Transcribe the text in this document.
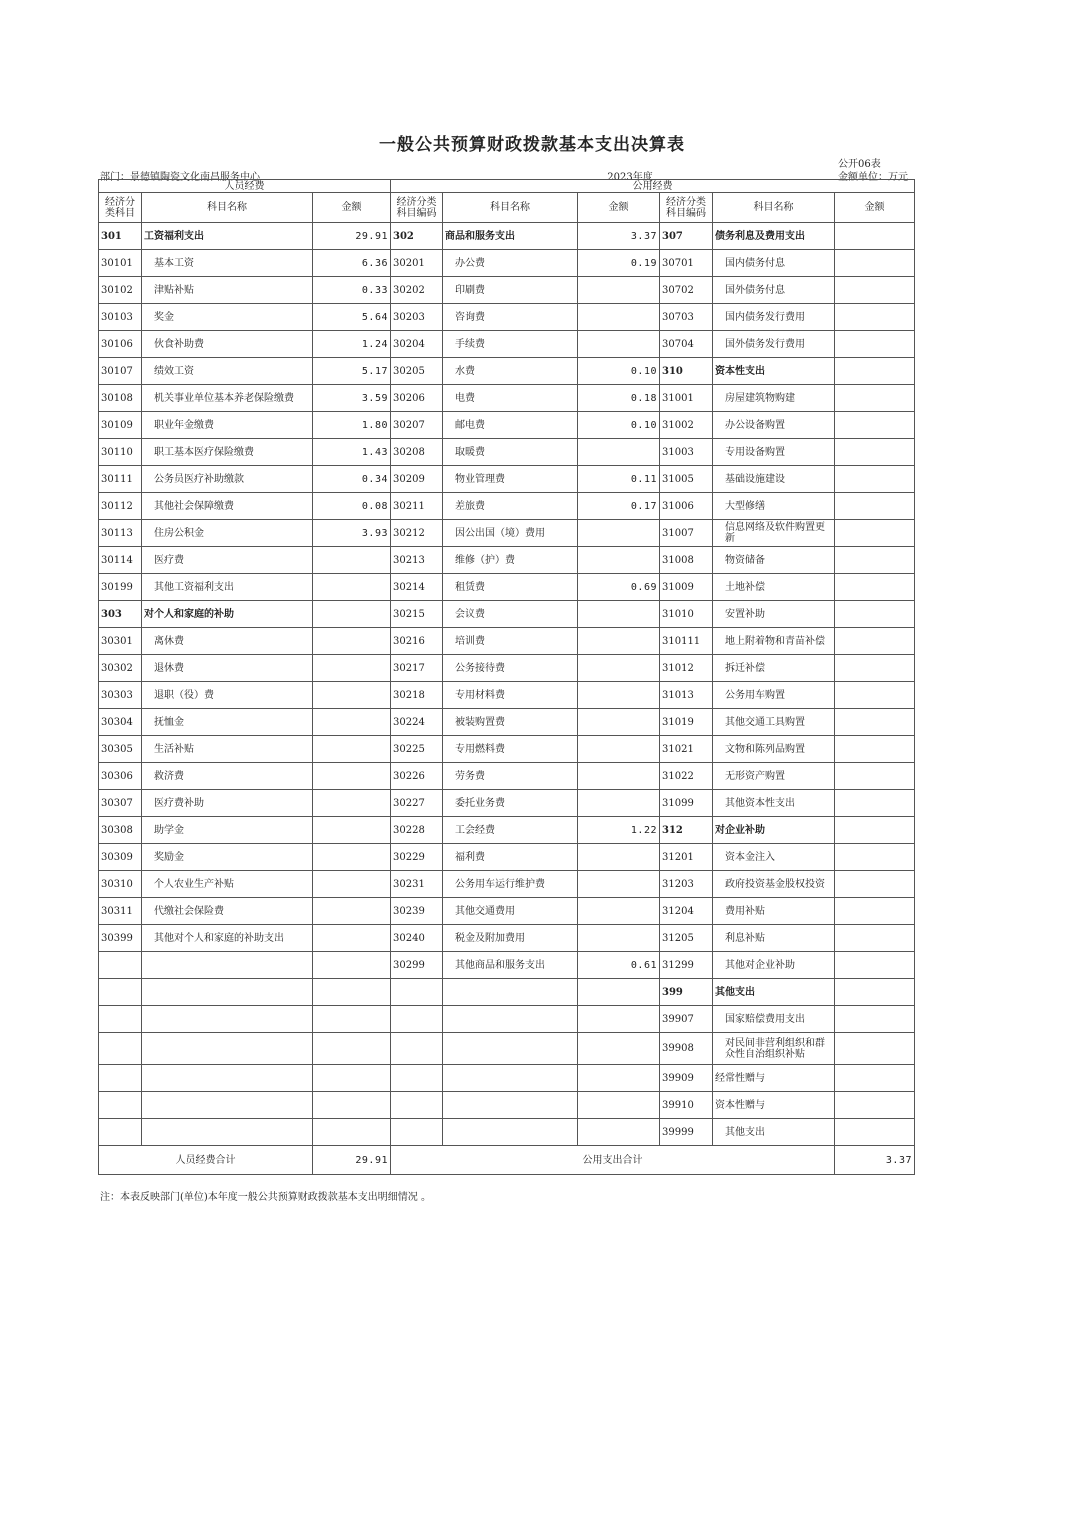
一般公共预算财政拨款基本支出决算表
公开06表
部门：景德镇陶瓷文化南昌服务中心	2023年度	金额单位：万元
人员经费			公用经费					
经济分类科目	科目名称	金额	经济分类科目编码	科目名称	金额	经济分类科目编码	科目名称	金额
301	工资福利支出	29.91	302	商品和服务支出	3.37	307	债务利息及费用支出	
30101	基本工资	6.36	30201	办公费	0.19	30701	国内债务付息	
30102	津贴补贴	0.33	30202	印刷费		30702	国外债务付息	
30103	奖金	5.64	30203	咨询费		30703	国内债务发行费用	
30106	伙食补助费	1.24	30204	手续费		30704	国外债务发行费用	
30107	绩效工资	5.17	30205	水费	0.10	310	资本性支出	
30108	机关事业单位基本养老保险缴费	3.59	30206	电费	0.18	31001	房屋建筑物购建	
30109	职业年金缴费	1.80	30207	邮电费	0.10	31002	办公设备购置	
30110	职工基本医疗保险缴费	1.43	30208	取暖费		31003	专用设备购置	
30111	公务员医疗补助缴款	0.34	30209	物业管理费	0.11	31005	基础设施建设	
30112	其他社会保障缴费	0.08	30211	差旅费	0.17	31006	大型修缮	
30113	住房公积金	3.93	30212	因公出国（境）费用		31007	信息网络及软件购置更新	
30114	医疗费		30213	维修（护）费		31008	物资储备	
30199	其他工资福利支出		30214	租赁费	0.69	31009	土地补偿	
303	对个人和家庭的补助		30215	会议费		31010	安置补助	
30301	离休费		30216	培训费		310111	地上附着物和青苗补偿	
30302	退休费		30217	公务接待费		31012	拆迁补偿	
30303	退职（役）费		30218	专用材料费		31013	公务用车购置	
30304	抚恤金		30224	被装购置费		31019	其他交通工具购置	
30305	生活补贴		30225	专用燃料费		31021	文物和陈列品购置	
30306	救济费		30226	劳务费		31022	无形资产购置	
30307	医疗费补助		30227	委托业务费		31099	其他资本性支出	
30308	助学金		30228	工会经费	1.22	312	对企业补助	
30309	奖励金		30229	福利费		31201	资本金注入	
30310	个人农业生产补贴		30231	公务用车运行维护费		31203	政府投资基金股权投资	
30311	代缴社会保险费		30239	其他交通费用		31204	费用补贴	
30399	其他对个人和家庭的补助支出		30240	税金及附加费用		31205	利息补贴	
			30299	其他商品和服务支出	0.61	31299	其他对企业补助	
						399	其他支出	
						39907	国家赔偿费用支出	
						39908	对民间非营利组织和群众性自治组织补贴	
						39909	经常性赠与	
						39910	资本性赠与	
						39999	其他支出	
人员经费合计		29.91	公用支出合计					3.37
注：本表反映部门(单位)本年度一般公共预算财政拨款基本支出明细情况 。
